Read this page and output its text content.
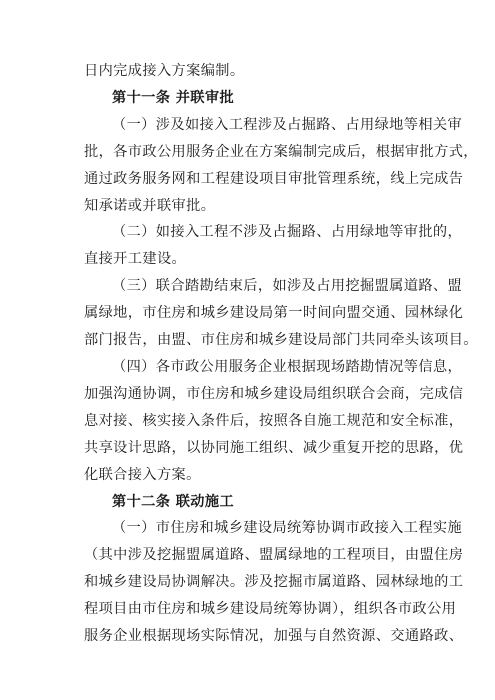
日内完成接入方案编制。
第十一条 并联审批
（一）涉及如接入工程涉及占掘路、占用绿地等相关审
批，各市政公用服务企业在方案编制完成后，根据审批方式，
通过政务服务网和工程建设项目审批管理系统，线上完成告
知承诺或并联审批。
（二）如接入工程不涉及占掘路、占用绿地等审批的，
直接开工建设。
（三）联合踏勘结束后，如涉及占用挖掘盟属道路、盟
属绿地，市住房和城乡建设局第一时间向盟交通、园林绿化
部门报告，由盟、市住房和城乡建设局部门共同牵头该项目。
（四）各市政公用服务企业根据现场踏勘情况等信息，
加强沟通协调，市住房和城乡建设局组织联合会商，完成信
息对接、核实接入条件后，按照各自施工规范和安全标准，
共享设计思路，以协同施工组织、减少重复开挖的思路，优
化联合接入方案。
第十二条 联动施工
（一）市住房和城乡建设局统筹协调市政接入工程实施
（其中涉及挖掘盟属道路、盟属绿地的工程项目，由盟住房
和城乡建设局协调解决。涉及挖掘市属道路、园林绿地的工
程项目由市住房和城乡建设局统筹协调），组织各市政公用
服务企业根据现场实际情况，加强与自然资源、交通路政、
